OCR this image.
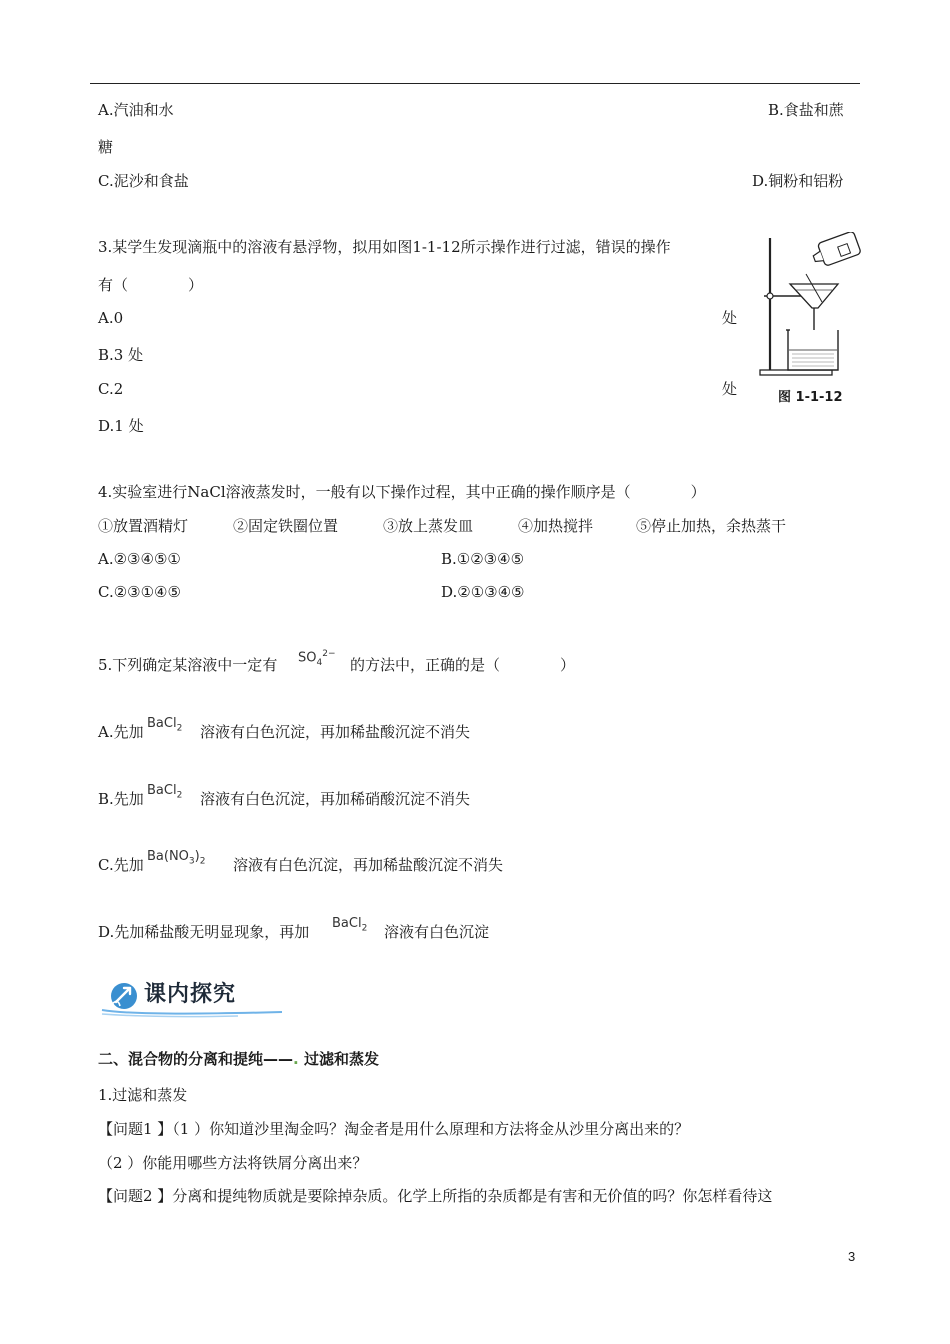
A.汽油和水	B.食盐和蔗
糖
C.泥沙和食盐	D.铜粉和铝粉
3.某学生发现滴瓶中的溶液有悬浮物，拟用如图1-1-12所示操作进行过滤，错误的操作
有（　　　　）
A.0	处
B.3 处
C.2	处
D.1 处
图 1-1-12
4.实验室进行NaCl溶液蒸发时，一般有以下操作过程，其中正确的操作顺序是（　　　　）
①放置酒精灯	②固定铁圈位置	③放上蒸发皿	④加热搅拌	⑤停止加热，余热蒸干
A.②③④⑤①	B.①②③④⑤
C.②③①④⑤	D.②①③④⑤
5.下列确定某溶液中一定有 $SO_4^{2-}$
的方法中，正确的是（　　　　）
A.先加 BaCl$_2$ 溶液有白色沉淀，再加稀盐酸沉淀不消失
B.先加 BaCl$_2$ 溶液有白色沉淀，再加稀硝酸沉淀不消失
C.先加 $Ba(NO_3)_2$ 溶液有白色沉淀，再加稀盐酸沉淀不消失
D.先加稀盐酸无明显现象，再加 BaCl$_2$ 溶液有白色沉淀
课内探究
二、混合物的分离和提纯——. 过滤和蒸发
1.过滤和蒸发
【问题1 】（1 ）你知道沙里淘金吗？淘金者是用什么原理和方法将金从沙里分离出来的？
（2 ）你能用哪些方法将铁屑分离出来？
【问题2 】分离和提纯物质就是要除掉杂质。化学上所指的杂质都是有害和无价值的吗？你怎样看待这
3
